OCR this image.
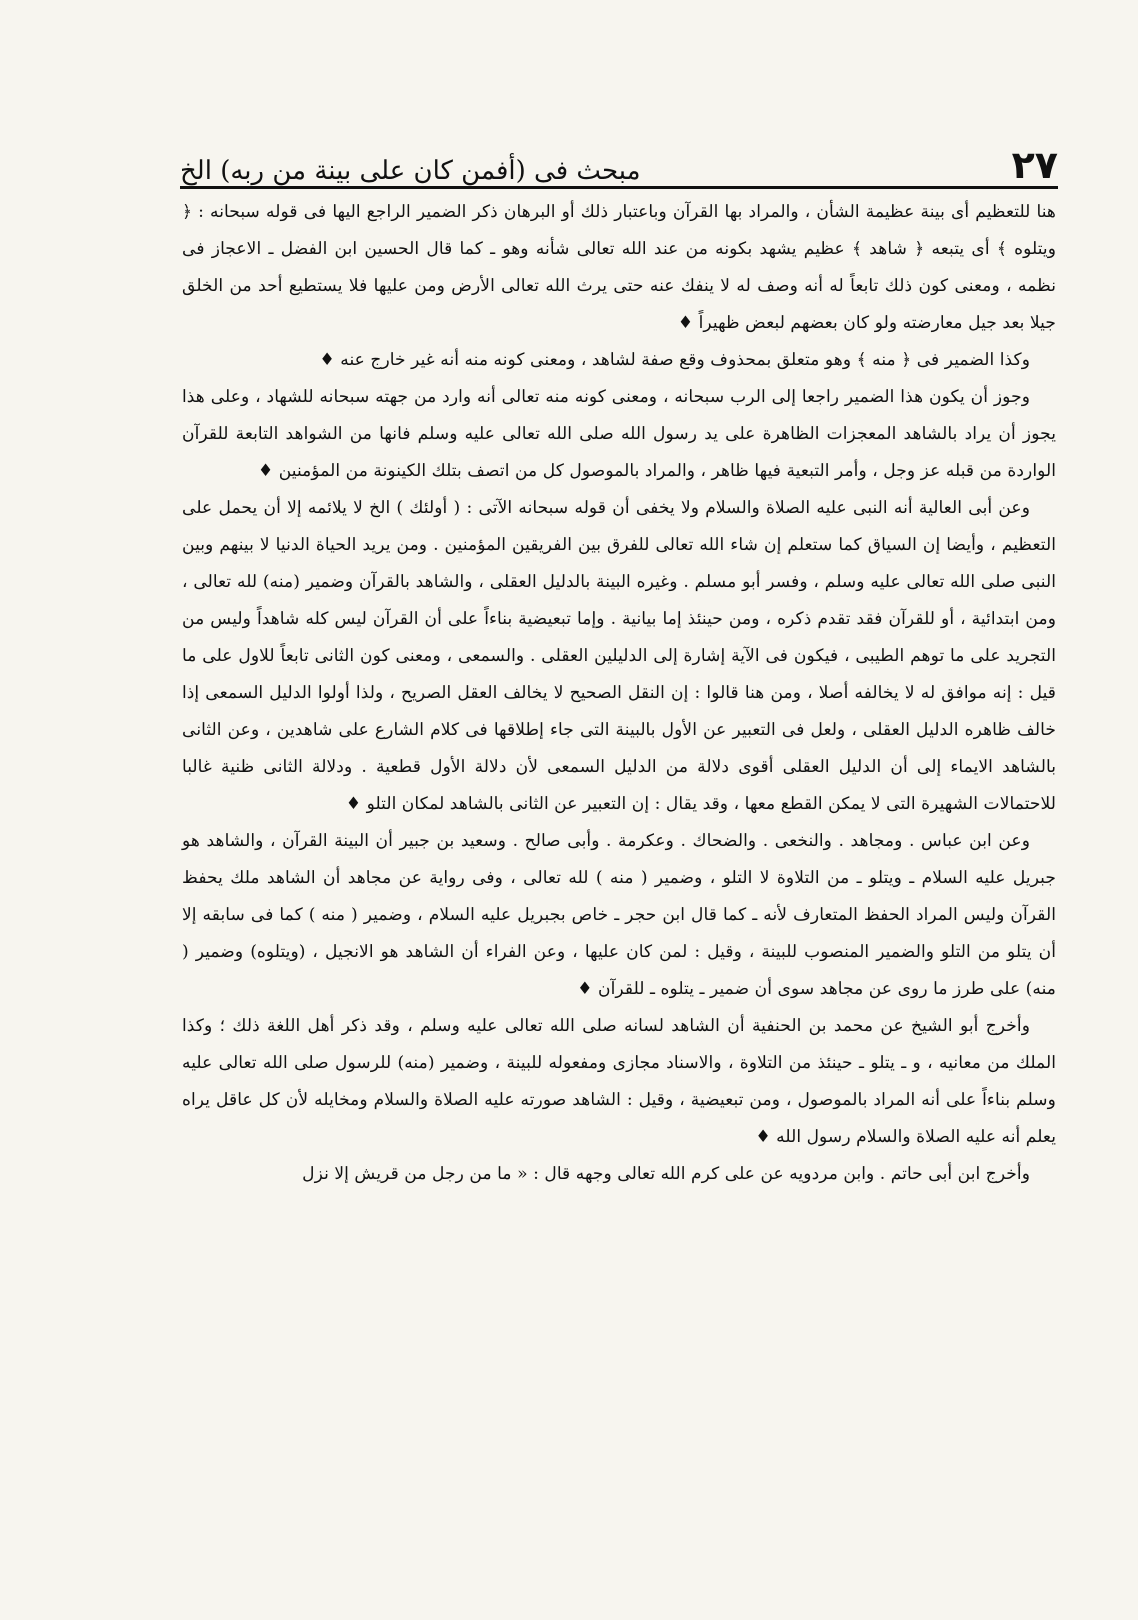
٢٧
مبحث فى (أفمن كان على بينة من ربه) الخ

هنا للتعظيم أى بينة عظيمة الشأن ، والمراد بها القرآن وباعتبار ذلك أو البرهان ذكر الضمير الراجع اليها فى قوله سبحانه : ﴿ ويتلوه ﴾ أى يتبعه ﴿ شاهد ﴾ عظيم يشهد بكونه من عند الله تعالى شأنه وهو ـ كما قال الحسين ابن الفضل ـ الاعجاز فى نظمه ، ومعنى كون ذلك تابعاً له أنه وصف له لا ينفك عنه حتى يرث الله تعالى الأرض ومن عليها فلا يستطيع أحد من الخلق جيلا بعد جيل معارضته ولو كان بعضهم لبعض ظهيراً ♦

وكذا الضمير فى ﴿ منه ﴾ وهو متعلق بمحذوف وقع صفة لشاهد ، ومعنى كونه منه أنه غير خارج عنه ♦

وجوز أن يكون هذا الضمير راجعا إلى الرب سبحانه ، ومعنى كونه منه تعالى أنه وارد من جهته سبحانه للشهاد ، وعلى هذا يجوز أن يراد بالشاهد المعجزات الظاهرة على يد رسول الله صلى الله تعالى عليه وسلم فانها من الشواهد التابعة للقرآن الواردة من قبله عز وجل ، وأمر التبعية فيها ظاهر ، والمراد بالموصول كل من اتصف بتلك الكينونة من المؤمنين ♦

وعن أبى العالية أنه النبى عليه الصلاة والسلام ولا يخفى أن قوله سبحانه الآتى : ( أولئك ) الخ لا يلائمه إلا أن يحمل على التعظيم ، وأيضا إن السياق كما ستعلم إن شاء الله تعالى للفرق بين الفريقين المؤمنين . ومن يريد الحياة الدنيا لا بينهم وبين النبى صلى الله تعالى عليه وسلم ، وفسر أبو مسلم . وغيره البينة بالدليل العقلى ، والشاهد بالقرآن وضمير (منه) لله تعالى ، ومن ابتدائية ، أو للقرآن فقد تقدم ذكره ، ومن حينئذ إما بيانية . وإما تبعيضية بناءاً على أن القرآن ليس كله شاهداً وليس من التجريد على ما توهم الطيبى ، فيكون فى الآية إشارة إلى الدليلين العقلى . والسمعى ، ومعنى كون الثانى تابعاً للاول على ما قيل : إنه موافق له لا يخالفه أصلا ، ومن هنا قالوا : إن النقل الصحيح لا يخالف العقل الصريح ، ولذا أولوا الدليل السمعى إذا خالف ظاهره الدليل العقلى ، ولعل فى التعبير عن الأول بالبينة التى جاء إطلاقها فى كلام الشارع على شاهدين ، وعن الثانى بالشاهد الايماء إلى أن الدليل العقلى أقوى دلالة من الدليل السمعى لأن دلالة الأول قطعية . ودلالة الثانى ظنية غالبا للاحتمالات الشهيرة التى لا يمكن القطع معها ، وقد يقال : إن التعبير عن الثانى بالشاهد لمكان التلو ♦

وعن ابن عباس . ومجاهد . والنخعى . والضحاك . وعكرمة . وأبى صالح . وسعيد بن جبير أن البينة القرآن ، والشاهد هو جبريل عليه السلام ـ ويتلو ـ من التلاوة لا التلو ، وضمير ( منه ) لله تعالى ، وفى رواية عن مجاهد أن الشاهد ملك يحفظ القرآن وليس المراد الحفظ المتعارف لأنه ـ كما قال ابن حجر ـ خاص بجبريل عليه السلام ، وضمير ( منه ) كما فى سابقه إلا أن يتلو من التلو والضمير المنصوب للبينة ، وقيل : لمن كان عليها ، وعن الفراء أن الشاهد هو الانجيل ، (ويتلوه) وضمير ( منه) على طرز ما روى عن مجاهد سوى أن ضمير ـ يتلوه ـ للقرآن ♦

وأخرج أبو الشيخ عن محمد بن الحنفية أن الشاهد لسانه صلى الله تعالى عليه وسلم ، وقد ذكر أهل اللغة ذلك ؛ وكذا الملك من معانيه ، و ـ يتلو ـ حينئذ من التلاوة ، والاسناد مجازى ومفعوله للبينة ، وضمير (منه) للرسول صلى الله تعالى عليه وسلم بناءاً على أنه المراد بالموصول ، ومن تبعيضية ، وقيل : الشاهد صورته عليه الصلاة والسلام ومخايله لأن كل عاقل يراه يعلم أنه عليه الصلاة والسلام رسول الله ♦

وأخرج ابن أبى حاتم . وابن مردويه عن على كرم الله تعالى وجهه قال : « ما من رجل من قريش إلا نزل
